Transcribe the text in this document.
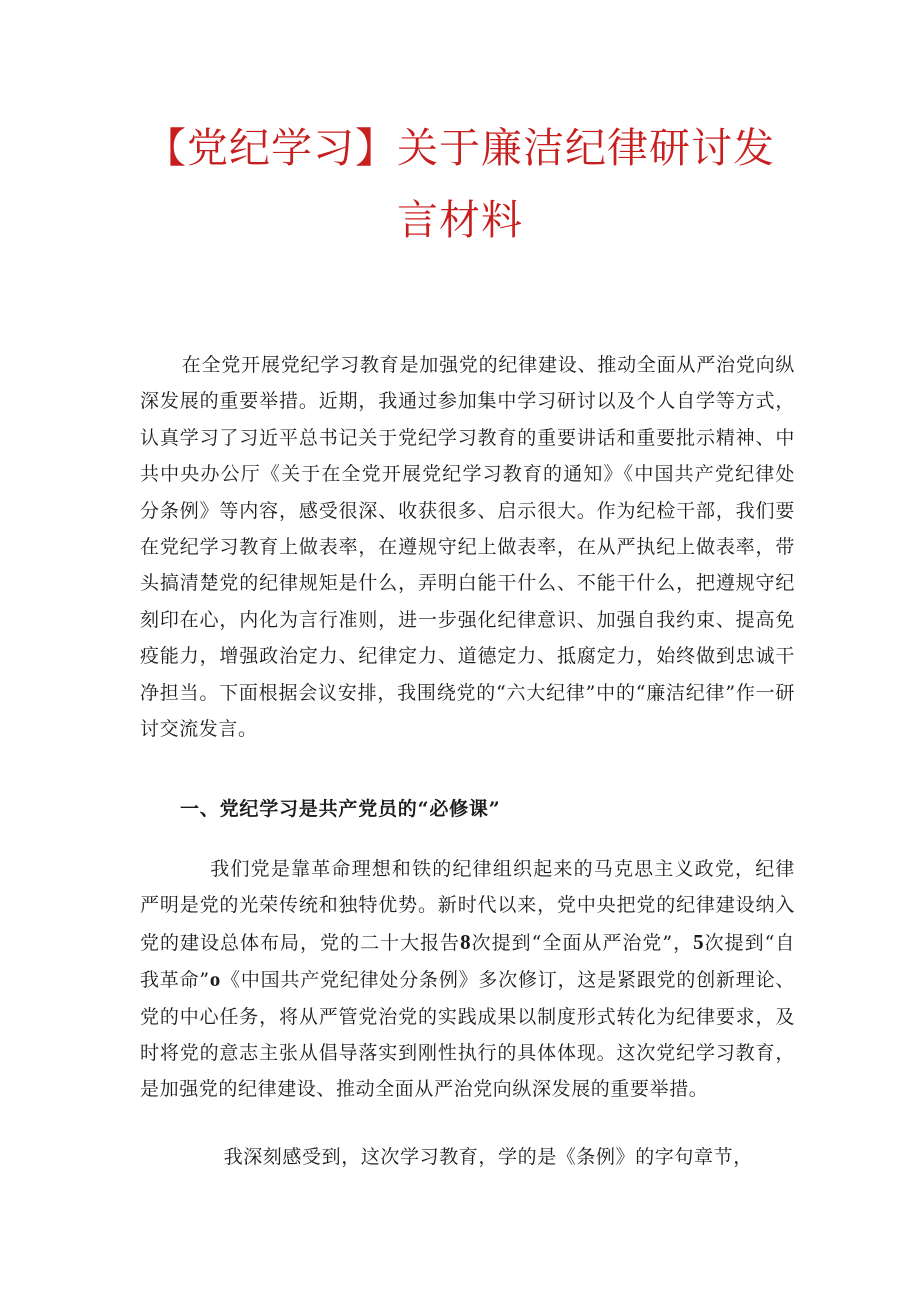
【党纪学习】关于廉洁纪律研讨发
言材料

在全党开展党纪学习教育是加强党的纪律建设、推动全面从严治党向纵深发展的重要举措。近期，我通过参加集中学习研讨以及个人自学等方式，认真学习了习近平总书记关于党纪学习教育的重要讲话和重要批示精神、中共中央办公厅《关于在全党开展党纪学习教育的通知》《中国共产党纪律处分条例》等内容，感受很深、收获很多、启示很大。作为纪检干部，我们要在党纪学习教育上做表率，在遵规守纪上做表率，在从严执纪上做表率，带头搞清楚党的纪律规矩是什么，弄明白能干什么、不能干什么，把遵规守纪刻印在心，内化为言行准则，进一步强化纪律意识、加强自我约束、提高免疫能力，增强政治定力、纪律定力、道德定力、抵腐定力，始终做到忠诚干净担当。下面根据会议安排，我围绕党的“六大纪律”中的“廉洁纪律”作一研讨交流发言。

一、党纪学习是共产党员的“必修课”

我们党是靠革命理想和铁的纪律组织起来的马克思主义政党，纪律严明是党的光荣传统和独特优势。新时代以来，党中央把党的纪律建设纳入党的建设总体布局，党的二十大报告8次提到“全面从严治党”，5次提到“自我革命”o《中国共产党纪律处分条例》多次修订，这是紧跟党的创新理论、党的中心任务，将从严管党治党的实践成果以制度形式转化为纪律要求，及时将党的意志主张从倡导落实到刚性执行的具体体现。这次党纪学习教育，是加强党的纪律建设、推动全面从严治党向纵深发展的重要举措。

我深刻感受到，这次学习教育，学的是《条例》的字句章节，
